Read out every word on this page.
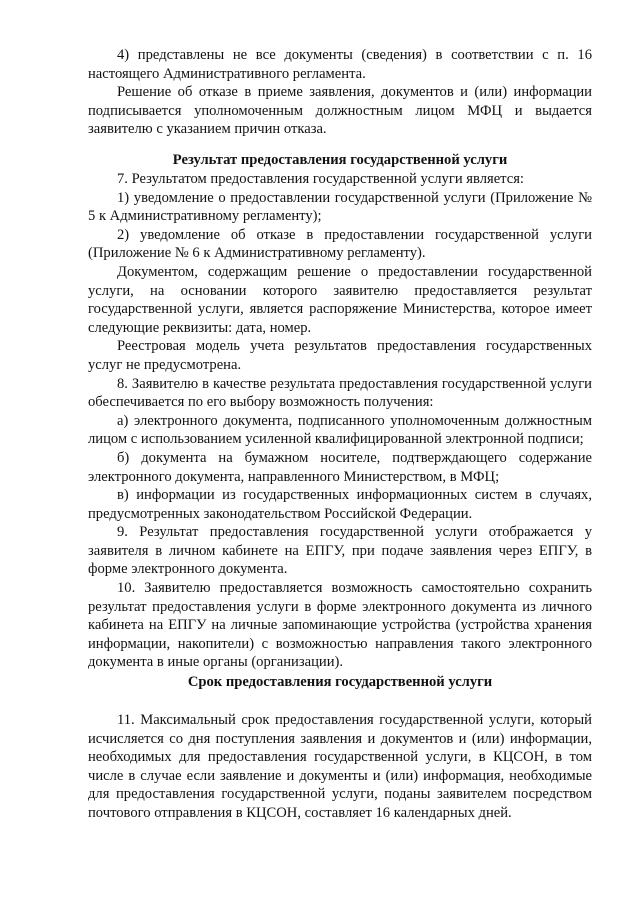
4) представлены не все документы (сведения) в соответствии с п. 16 настоящего Административного регламента.

Решение об отказе в приеме заявления, документов и (или) информации подписывается уполномоченным должностным лицом МФЦ и выдается заявителю с указанием причин отказа.

Результат предоставления государственной услуги

7. Результатом предоставления государственной услуги является:

1) уведомление о предоставлении государственной услуги (Приложение № 5 к Административному регламенту);

2) уведомление об отказе в предоставлении государственной услуги (Приложение № 6 к Административному регламенту).

Документом, содержащим решение о предоставлении государственной услуги, на основании которого заявителю предоставляется результат государственной услуги, является распоряжение Министерства, которое имеет следующие реквизиты: дата, номер.

Реестровая модель учета результатов предоставления государственных услуг не предусмотрена.

8. Заявителю в качестве результата предоставления государственной услуги обеспечивается по его выбору возможность получения:

а) электронного документа, подписанного уполномоченным должностным лицом с использованием усиленной квалифицированной электронной подписи;

б) документа на бумажном носителе, подтверждающего содержание электронного документа, направленного Министерством, в МФЦ;

в) информации из государственных информационных систем в случаях, предусмотренных законодательством Российской Федерации.

9. Результат предоставления государственной услуги отображается у заявителя в личном кабинете на ЕПГУ, при подаче заявления через ЕПГУ, в форме электронного документа.

10. Заявителю предоставляется возможность самостоятельно сохранить результат предоставления услуги в форме электронного документа из личного кабинета на ЕПГУ на личные запоминающие устройства (устройства хранения информации, накопители) с возможностью направления такого электронного документа в иные органы (организации).

Срок предоставления государственной услуги

11. Максимальный срок предоставления государственной услуги, который исчисляется со дня поступления заявления и документов и (или) информации, необходимых для предоставления государственной услуги, в КЦСОН, в том числе в случае если заявление и документы и (или) информация, необходимые для предоставления государственной услуги, поданы заявителем посредством почтового отправления в КЦСОН, составляет 16 календарных дней.
